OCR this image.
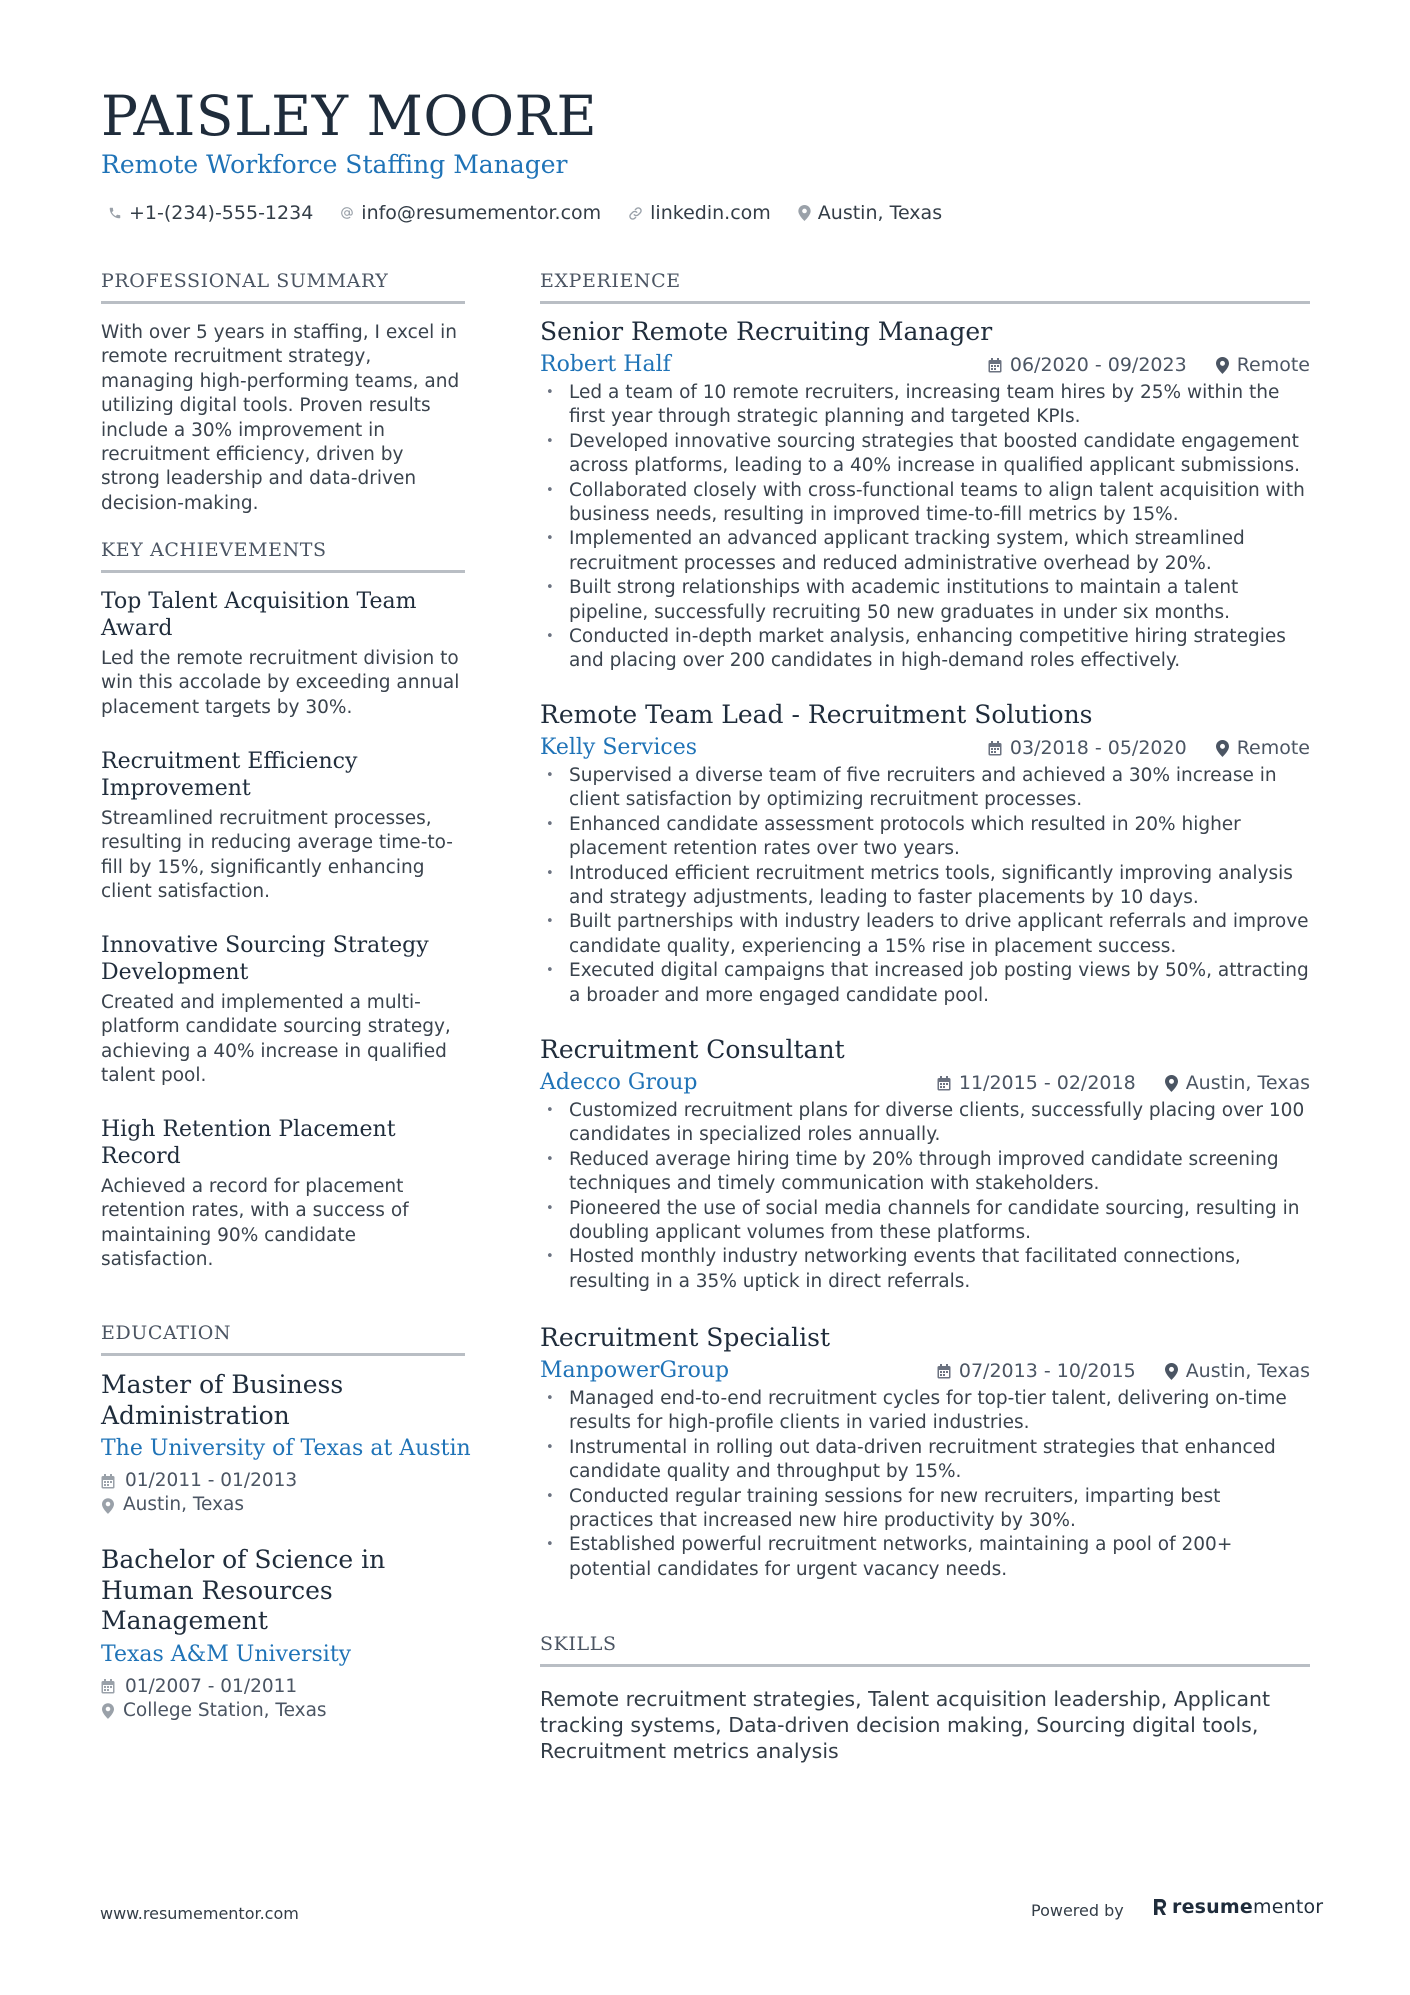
PAISLEY MOORE
Remote Workforce Staffing Manager
+1-(234)-555-1234	info@resumementor.com	linkedin.com Austin, Texas
PROFESSIONAL SUMMARY
With over 5 years in staffing, I excel in remote recruitment strategy, managing high-performing teams, and utilizing digital tools. Proven results include a 30% improvement in recruitment efficiency, driven by strong leadership and data-driven decision-making.
KEY ACHIEVEMENTS
Top Talent Acquisition Team Award
Led the remote recruitment division to win this accolade by exceeding annual placement targets by 30%.
Recruitment Efficiency Improvement
Streamlined recruitment processes, resulting in reducing average time-to-fill by 15%, significantly enhancing client satisfaction.
Innovative Sourcing Strategy Development
Created and implemented a multi-platform candidate sourcing strategy, achieving a 40% increase in qualified talent pool.
High Retention Placement Record
Achieved a record for placement retention rates, with a success of maintaining 90% candidate satisfaction.
EDUCATION
Master of Business Administration
The University of Texas at Austin
01/2011 - 01/2013
Austin, Texas
Bachelor of Science in Human Resources Management
Texas A&M University
01/2007 - 01/2011
College Station, Texas
EXPERIENCE
Senior Remote Recruiting Manager
Robert Half	06/2020 - 09/2023	Remote
• Led a team of 10 remote recruiters, increasing team hires by 25% within the first year through strategic planning and targeted KPIs.
• Developed innovative sourcing strategies that boosted candidate engagement across platforms, leading to a 40% increase in qualified applicant submissions.
• Collaborated closely with cross-functional teams to align talent acquisition with business needs, resulting in improved time-to-fill metrics by 15%.
• Implemented an advanced applicant tracking system, which streamlined recruitment processes and reduced administrative overhead by 20%.
• Built strong relationships with academic institutions to maintain a talent pipeline, successfully recruiting 50 new graduates in under six months.
• Conducted in-depth market analysis, enhancing competitive hiring strategies and placing over 200 candidates in high-demand roles effectively.
Remote Team Lead - Recruitment Solutions
Kelly Services	03/2018 - 05/2020	Remote
• Supervised a diverse team of five recruiters and achieved a 30% increase in client satisfaction by optimizing recruitment processes.
• Enhanced candidate assessment protocols which resulted in 20% higher placement retention rates over two years.
• Introduced efficient recruitment metrics tools, significantly improving analysis and strategy adjustments, leading to faster placements by 10 days.
• Built partnerships with industry leaders to drive applicant referrals and improve candidate quality, experiencing a 15% rise in placement success.
• Executed digital campaigns that increased job posting views by 50%, attracting a broader and more engaged candidate pool.
Recruitment Consultant
Adecco Group	11/2015 - 02/2018	Austin, Texas
• Customized recruitment plans for diverse clients, successfully placing over 100 candidates in specialized roles annually.
• Reduced average hiring time by 20% through improved candidate screening techniques and timely communication with stakeholders.
• Pioneered the use of social media channels for candidate sourcing, resulting in doubling applicant volumes from these platforms.
• Hosted monthly industry networking events that facilitated connections, resulting in a 35% uptick in direct referrals.
Recruitment Specialist
ManpowerGroup	07/2013 - 10/2015	Austin, Texas
• Managed end-to-end recruitment cycles for top-tier talent, delivering on-time results for high-profile clients in varied industries.
• Instrumental in rolling out data-driven recruitment strategies that enhanced candidate quality and throughput by 15%.
• Conducted regular training sessions for new recruiters, imparting best practices that increased new hire productivity by 30%.
• Established powerful recruitment networks, maintaining a pool of 200+ potential candidates for urgent vacancy needs.
SKILLS
Remote recruitment strategies, Talent acquisition leadership, Applicant tracking systems, Data-driven decision making, Sourcing digital tools, Recruitment metrics analysis
www.resumementor.com	Powered by	resume mentor
